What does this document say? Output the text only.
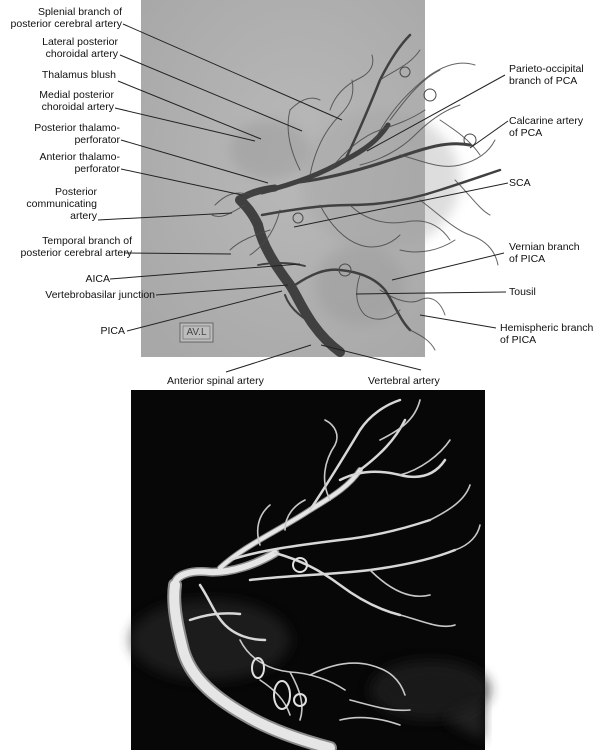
AV.L
Splenial branch of
posterior cerebral artery
Lateral posterior
choroidal artery
Thalamus blush
Medial posterior
choroidal artery
Posterior thalamo-
perforator
Anterior thalamo-
perforator
Posterior
communicating
artery
Temporal branch of
posterior cerebral artery
AICA
Vertebrobasilar junction
PICA
Parieto-occipital
branch of PCA
Calcarine artery
of PCA
SCA
Vernian branch
of PICA
Tousil
Hemispheric branch
of PICA
Anterior spinal artery	Vertebral artery
